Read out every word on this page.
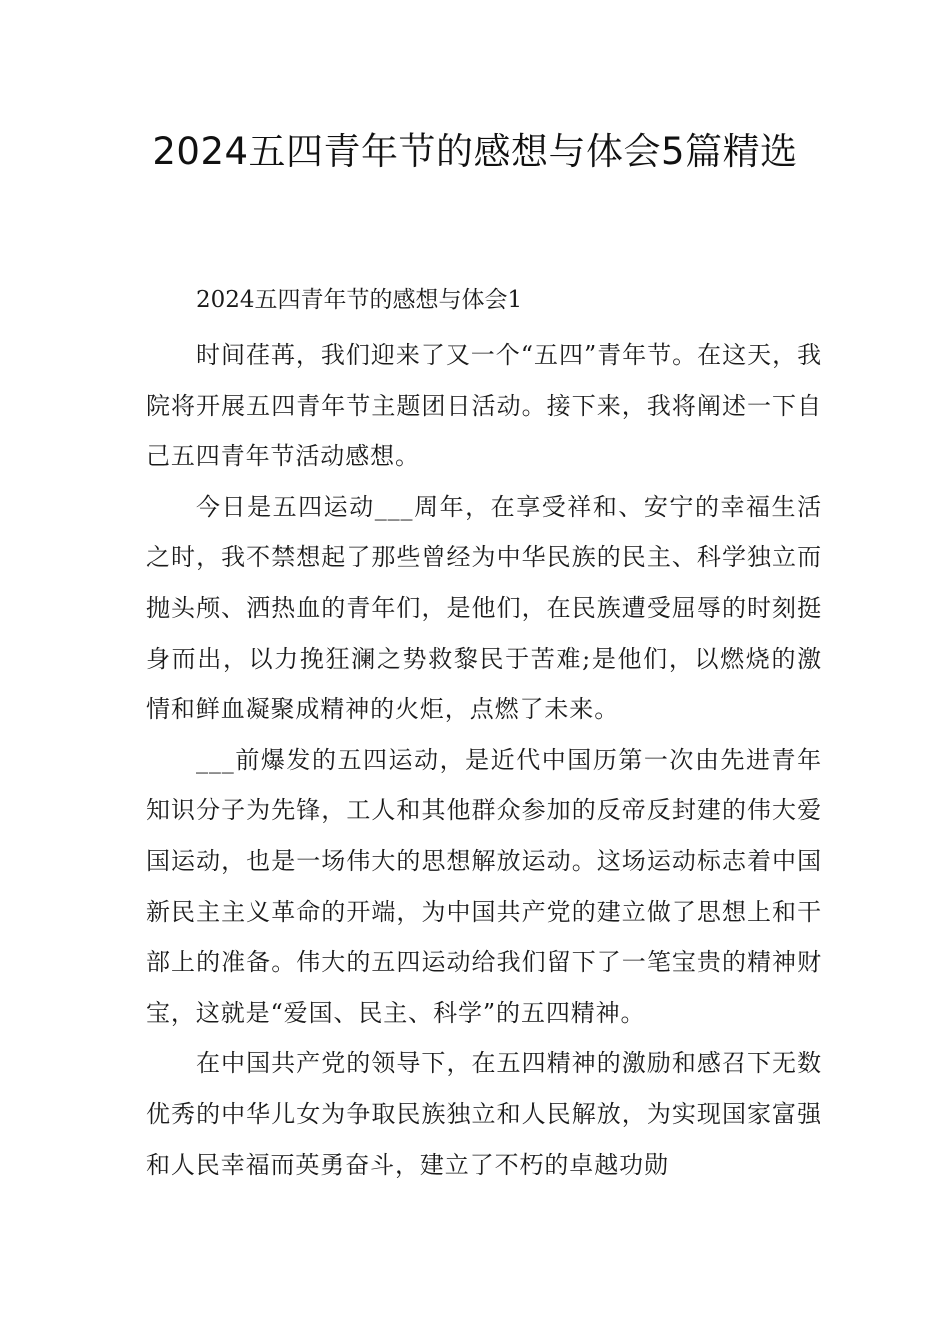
2024五四青年节的感想与体会5篇精选
2024五四青年节的感想与体会1

时间荏苒，我们迎来了又一个“五四”青年节。在这天，我院将开展五四青年节主题团日活动。接下来，我将阐述一下自己五四青年节活动感想。

今日是五四运动___周年，在享受祥和、安宁的幸福生活之时，我不禁想起了那些曾经为中华民族的民主、科学独立而抛头颅、洒热血的青年们，是他们，在民族遭受屈辱的时刻挺身而出，以力挽狂澜之势救黎民于苦难;是他们，以燃烧的激情和鲜血凝聚成精神的火炬，点燃了未来。

___前爆发的五四运动，是近代中国历第一次由先进青年知识分子为先锋，工人和其他群众参加的反帝反封建的伟大爱国运动，也是一场伟大的思想解放运动。这场运动标志着中国新民主主义革命的开端，为中国共产党的建立做了思想上和干部上的准备。伟大的五四运动给我们留下了一笔宝贵的精神财宝，这就是“爱国、民主、科学”的五四精神。

在中国共产党的领导下，在五四精神的激励和感召下无数优秀的中华儿女为争取民族独立和人民解放，为实现国家富强和人民幸福而英勇奋斗，建立了不朽的卓越功勋
